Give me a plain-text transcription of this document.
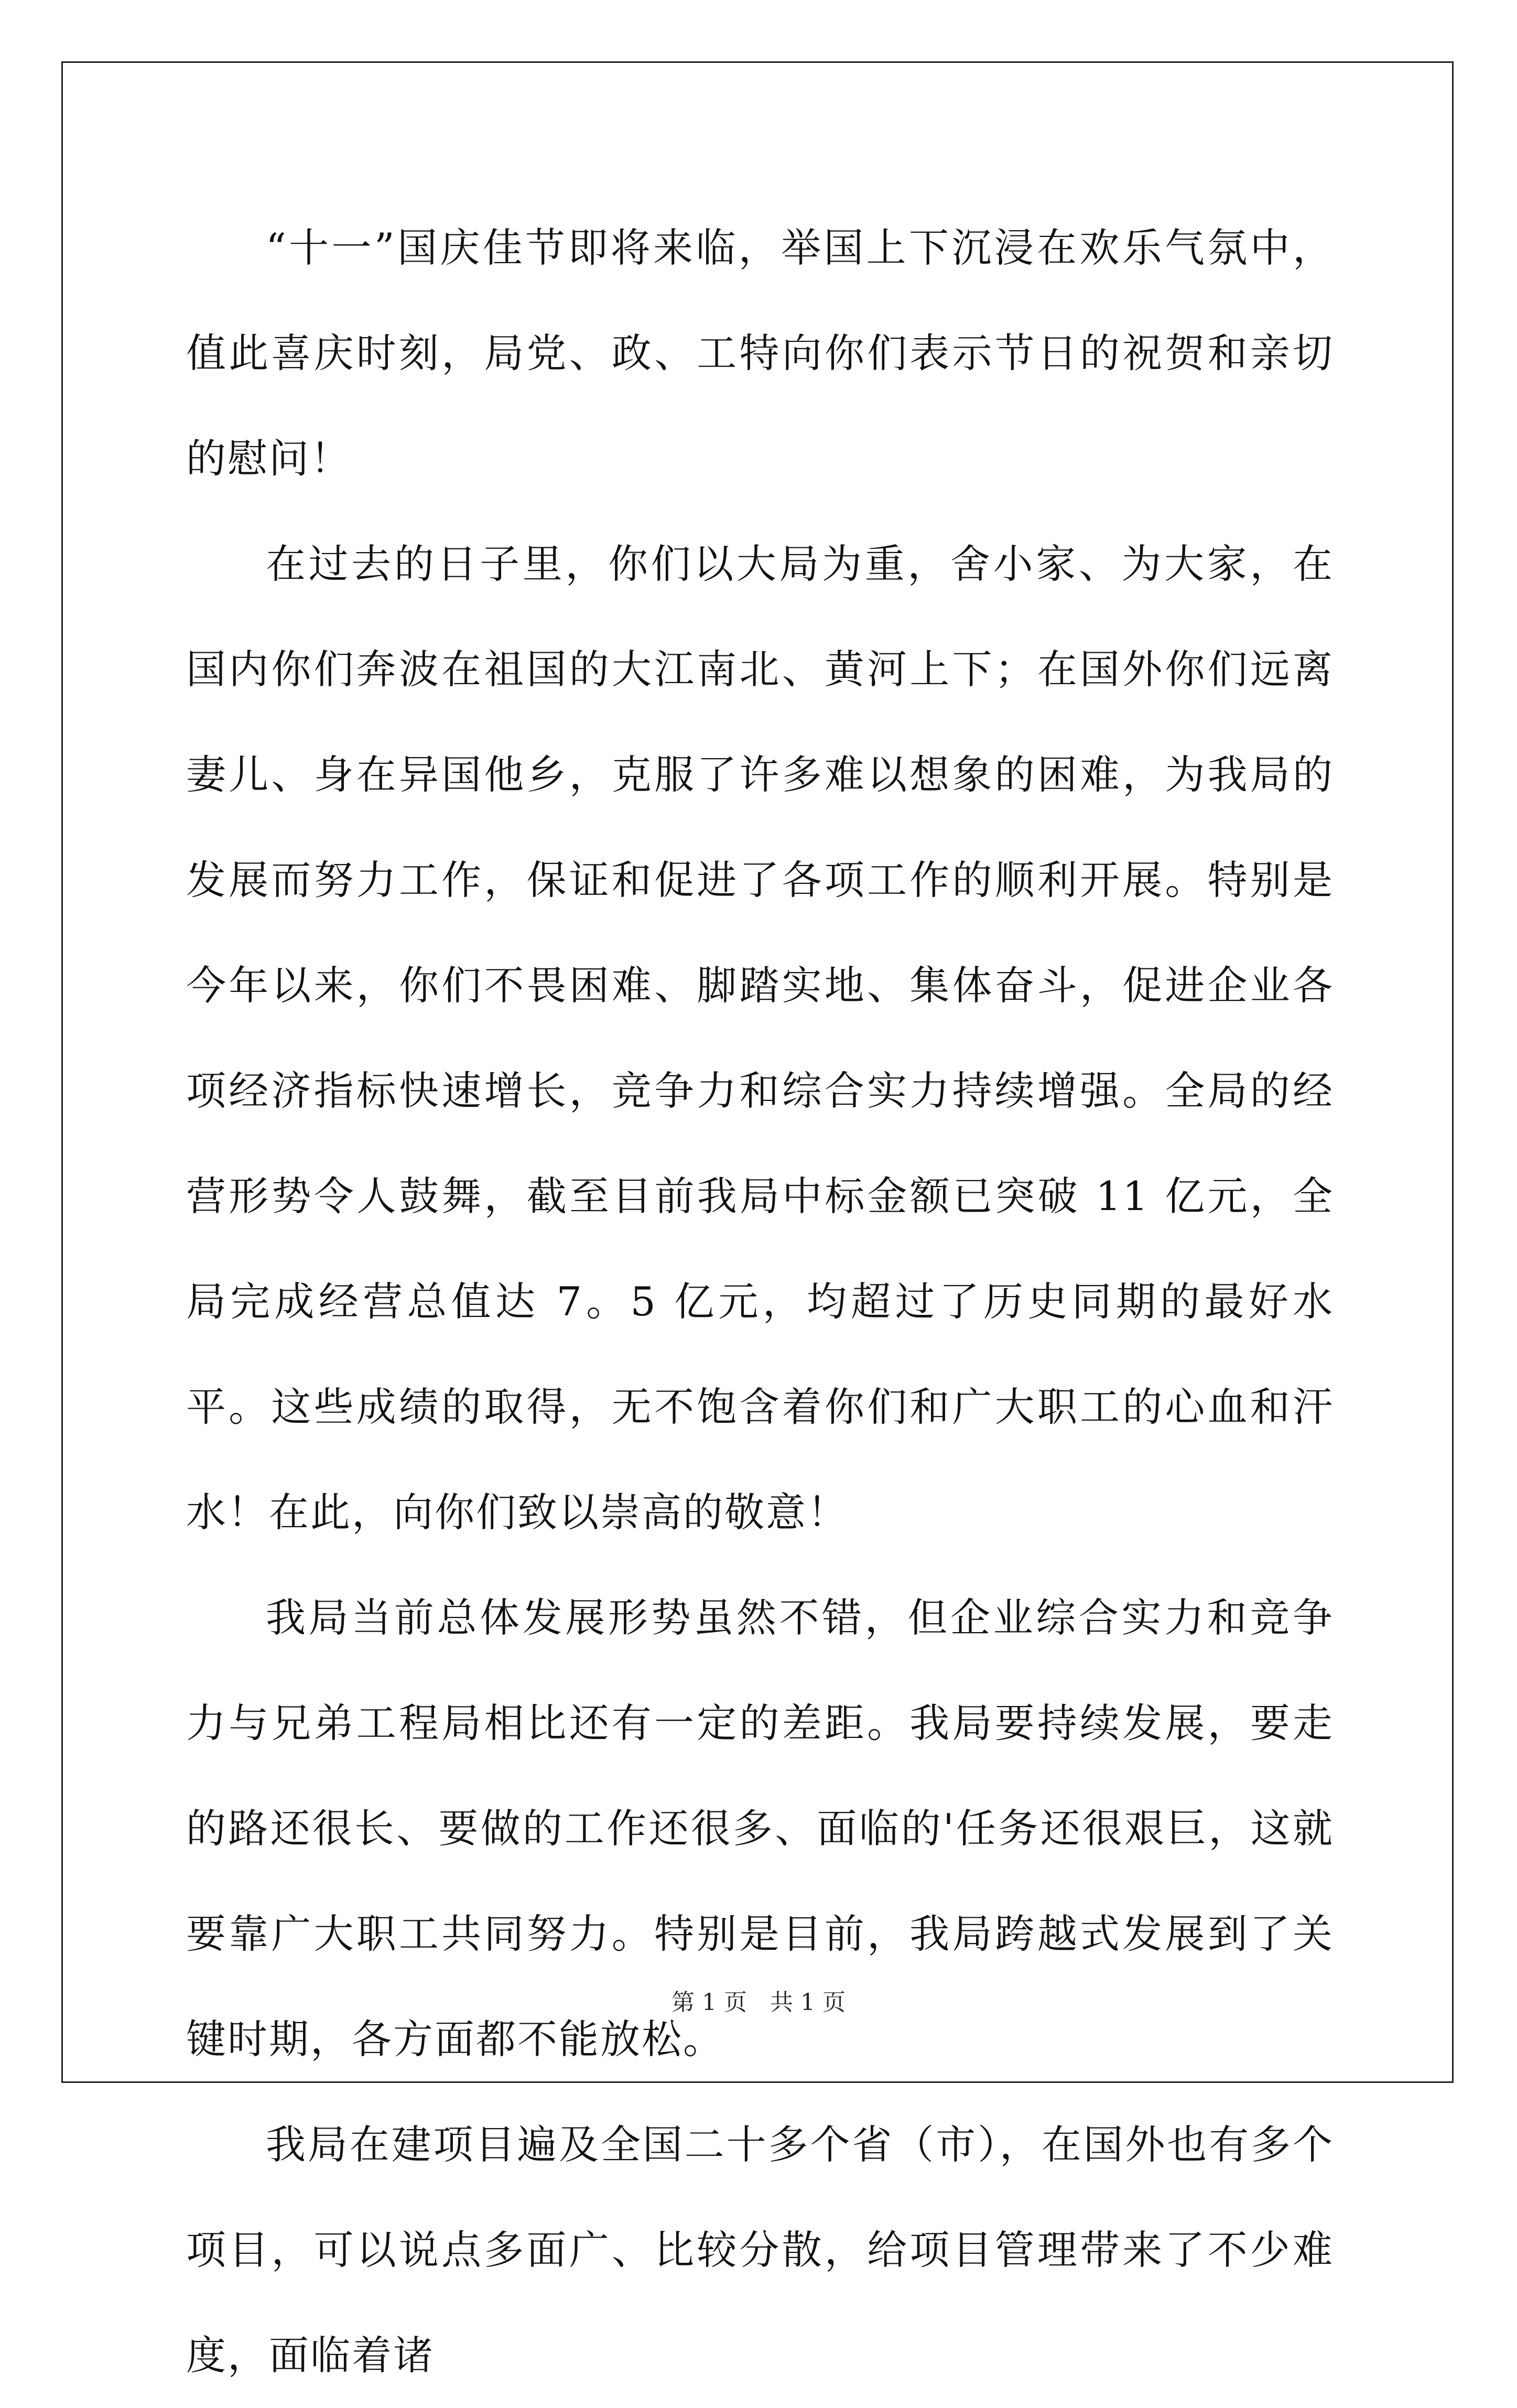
“十一”国庆佳节即将来临，举国上下沉浸在欢乐气氛中，值此喜庆时刻，局党、政、工特向你们表示节日的祝贺和亲切的慰问！

在过去的日子里，你们以大局为重，舍小家、为大家，在国内你们奔波在祖国的大江南北、黄河上下；在国外你们远离妻儿、身在异国他乡，克服了许多难以想象的困难，为我局的发展而努力工作，保证和促进了各项工作的顺利开展。特别是今年以来，你们不畏困难、脚踏实地、集体奋斗，促进企业各项经济指标快速增长，竞争力和综合实力持续增强。全局的经营形势令人鼓舞，截至目前我局中标金额已突破 11 亿元，全局完成经营总值达 7。5 亿元，均超过了历史同期的最好水平。这些成绩的取得，无不饱含着你们和广大职工的心血和汗水！在此，向你们致以崇高的敬意！

我局当前总体发展形势虽然不错，但企业综合实力和竞争力与兄弟工程局相比还有一定的差距。我局要持续发展，要走的路还很长、要做的工作还很多、面临的'任务还很艰巨，这就要靠广大职工共同努力。特别是目前，我局跨越式发展到了关键时期，各方面都不能放松。

我局在建项目遍及全国二十多个省（市），在国外也有多个项目，可以说点多面广、比较分散，给项目管理带来了不少难度，面临着诸

第 1 页 共 1 页
